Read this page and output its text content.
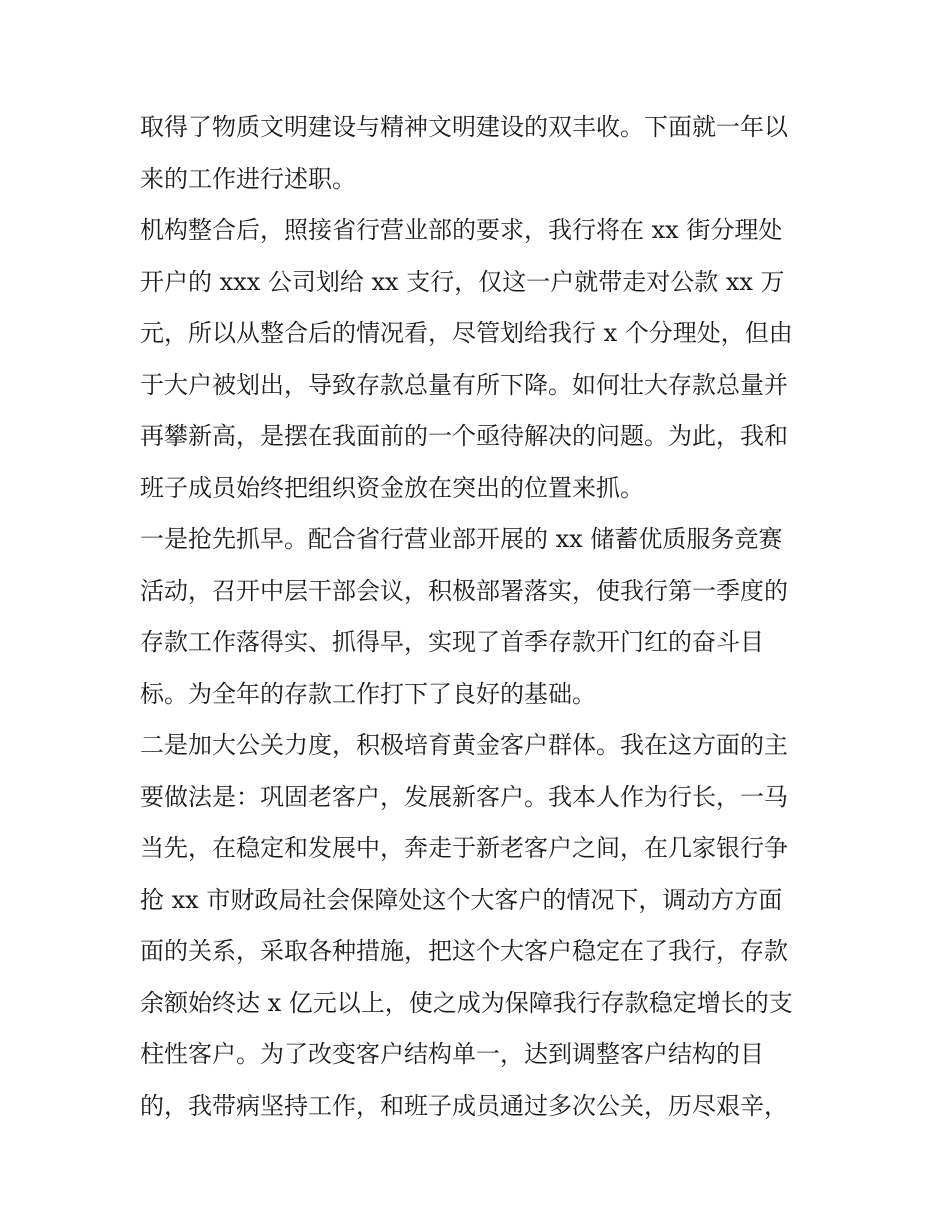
取得了物质文明建设与精神文明建设的双丰收。下面就一年以
来的工作进行述职。
机构整合后，照接省行营业部的要求，我行将在 xx 街分理处
开户的 xxx 公司划给 xx 支行，仅这一户就带走对公款 xx 万
元，所以从整合后的情况看，尽管划给我行 x 个分理处，但由
于大户被划出，导致存款总量有所下降。如何壮大存款总量并
再攀新高，是摆在我面前的一个亟待解决的问题。为此，我和
班子成员始终把组织资金放在突出的位置来抓。
一是抢先抓早。配合省行营业部开展的 xx 储蓄优质服务竞赛
活动，召开中层干部会议，积极部署落实，使我行第一季度的
存款工作落得实、抓得早，实现了首季存款开门红的奋斗目
标。为全年的存款工作打下了良好的基础。
二是加大公关力度，积极培育黄金客户群体。我在这方面的主
要做法是：巩固老客户，发展新客户。我本人作为行长，一马
当先，在稳定和发展中，奔走于新老客户之间，在几家银行争
抢 xx 市财政局社会保障处这个大客户的情况下，调动方方面
面的关系，采取各种措施，把这个大客户稳定在了我行，存款
余额始终达 x 亿元以上，使之成为保障我行存款稳定增长的支
柱性客户。为了改变客户结构单一，达到调整客户结构的目
的，我带病坚持工作，和班子成员通过多次公关，历尽艰辛，
